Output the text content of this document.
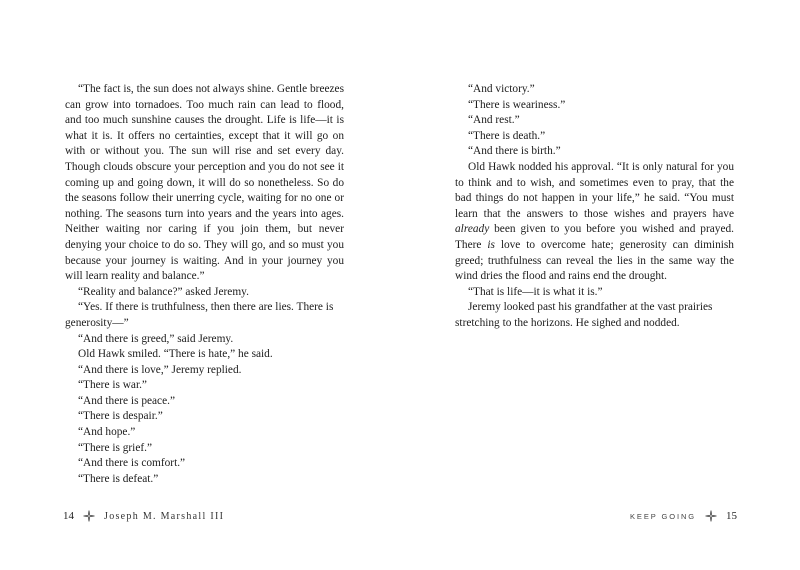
“The fact is, the sun does not always shine. Gentle breezes can grow into tornadoes. Too much rain can lead to flood, and too much sunshine causes the drought. Life is life—it is what it is. It offers no certainties, except that it will go on with or without you. The sun will rise and set every day. Though clouds obscure your perception and you do not see it coming up and going down, it will do so nonetheless. So do the seasons follow their unerring cycle, waiting for no one or nothing. The seasons turn into years and the years into ages. Neither waiting nor caring if you join them, but never denying your choice to do so. They will go, and so must you because your journey is waiting. And in your journey you will learn reality and balance.”

“Reality and balance?” asked Jeremy.

“Yes. If there is truthfulness, then there are lies. There is generosity—”

“And there is greed,” said Jeremy.

Old Hawk smiled. “There is hate,” he said.

“And there is love,” Jeremy replied.

“There is war.”

“And there is peace.”

“There is despair.”

“And hope.”

“There is grief.”

“And there is comfort.”

“There is defeat.”

14	Joseph M. Marshall III

“And victory.”

“There is weariness.”

“And rest.”

“There is death.”

“And there is birth.”

Old Hawk nodded his approval. “It is only natural for you to think and to wish, and sometimes even to pray, that the bad things do not happen in your life,” he said. “You must learn that the answers to those wishes and prayers have already been given to you before you wished and prayed. There is love to overcome hate; generosity can diminish greed; truthfulness can reveal the lies in the same way the wind dries the flood and rains end the drought.

“That is life—it is what it is.”

Jeremy looked past his grandfather at the vast prairies stretching to the horizons. He sighed and nodded.

KEEP GOING	15
